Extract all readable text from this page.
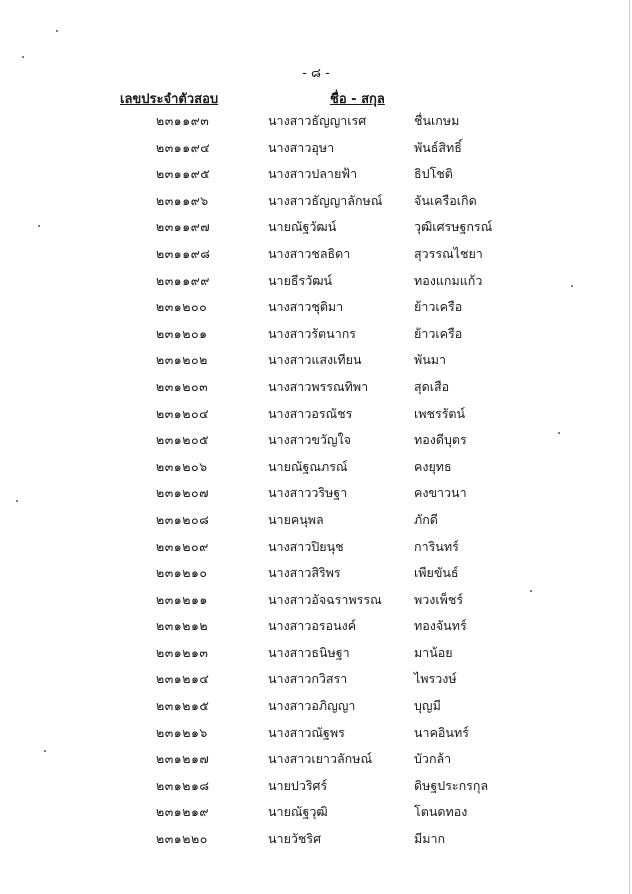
- ๘ -
เลขประจำตัวสอบ	ชื่อ - สกุล
๒๓๑๑๙๓	นางสาวธัญญาเรศ	ชื่นเกษม
๒๓๑๑๙๔	นางสาวอุษา	พันธ์สิทธิ์
๒๓๑๑๙๕	นางสาวปลายฟ้า	ธิปโชติ
๒๓๑๑๙๖	นางสาวธัญญาลักษณ์	จันเครือเกิด
๒๓๑๑๙๗	นายณัฐวัฒน์	วุฒิเศรษฐกรณ์
๒๓๑๑๙๘	นางสาวชลธิดา	สุวรรณไชยา
๒๓๑๑๙๙	นายธีรวัฒน์	ทองแกมแก้ว
๒๓๑๒๐๐	นางสาวชุติมา	ย้าวเครือ
๒๓๑๒๐๑	นางสาวรัตนากร	ย้าวเครือ
๒๓๑๒๐๒	นางสาวแสงเทียน	พันมา
๒๓๑๒๐๓	นางสาวพรรณทิพา	สุดเสือ
๒๓๑๒๐๔	นางสาวอรณัชร	เพชรรัตน์
๒๓๑๒๐๕	นางสาวขวัญใจ	ทองดีบุตร
๒๓๑๒๐๖	นายณัฐณภรณ์	คงยุทธ
๒๓๑๒๐๗	นางสาววริษฐา	คงขาวนา
๒๓๑๒๐๘	นายคนุพล	ภักดี
๒๓๑๒๐๙	นางสาวปิยนุช	การินทร์
๒๓๑๒๑๐	นางสาวสิริพร	เพียขันธ์
๒๓๑๒๑๑	นางสาวอัจฉราพรรณ	พวงเพ็ชร์
๒๓๑๒๑๒	นางสาวอรอนงค์	ทองจันทร์
๒๓๑๒๑๓	นางสาวธนิษฐา	มาน้อย
๒๓๑๒๑๔	นางสาวกวิสรา	ไพรวงษ์
๒๓๑๒๑๕	นางสาวอภิญญา	บุญมี
๒๓๑๒๑๖	นางสาวณัฐพร	นาคอินทร์
๒๓๑๒๑๗	นางสาวเยาวลักษณ์	บัวกล้า
๒๓๑๒๑๘	นายปวริศร์	ดิษฐประกรกุล
๒๓๑๒๑๙	นายณัฐวุฒิ	โตนดทอง
๒๓๑๒๒๐	นายวัชริศ	มีมาก
